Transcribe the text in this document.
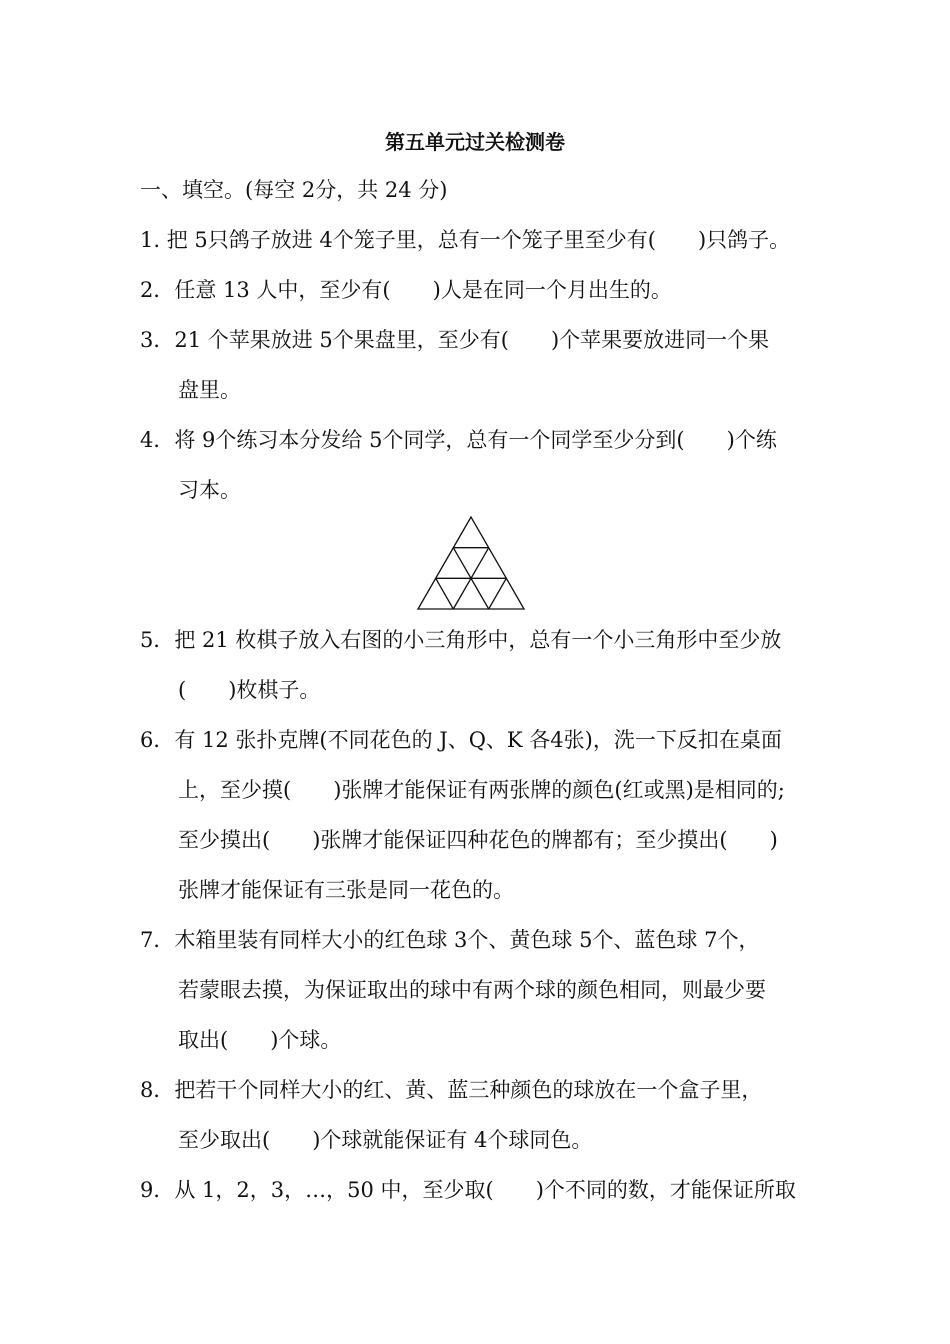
第五单元过关检测卷
一、填空。(每空 2分，共 24 分)
1. 把 5只鸽子放进 4个笼子里，总有一个笼子里至少有(　　)只鸽子。
2．任意 13 人中，至少有(　　)人是在同一个月出生的。
3．21 个苹果放进 5个果盘里，至少有(　　)个苹果要放进同一个果
盘里。
4．将 9个练习本分发给 5个同学，总有一个同学至少分到(　　)个练
习本。
5．把 21 枚棋子放入右图的小三角形中，总有一个小三角形中至少放
(　　)枚棋子。
6．有 12 张扑克牌(不同花色的 J、Q、K 各4张)，洗一下反扣在桌面
上，至少摸(　　)张牌才能保证有两张牌的颜色(红或黑)是相同的;
至少摸出(　　)张牌才能保证四种花色的牌都有；至少摸出(　　)
张牌才能保证有三张是同一花色的。
7．木箱里装有同样大小的红色球 3个、黄色球 5个、蓝色球 7个，
若蒙眼去摸，为保证取出的球中有两个球的颜色相同，则最少要
取出(　　)个球。
8．把若干个同样大小的红、黄、蓝三种颜色的球放在一个盒子里，
至少取出(　　)个球就能保证有 4个球同色。
9．从 1，2，3，…，50 中，至少取(　　)个不同的数，才能保证所取
